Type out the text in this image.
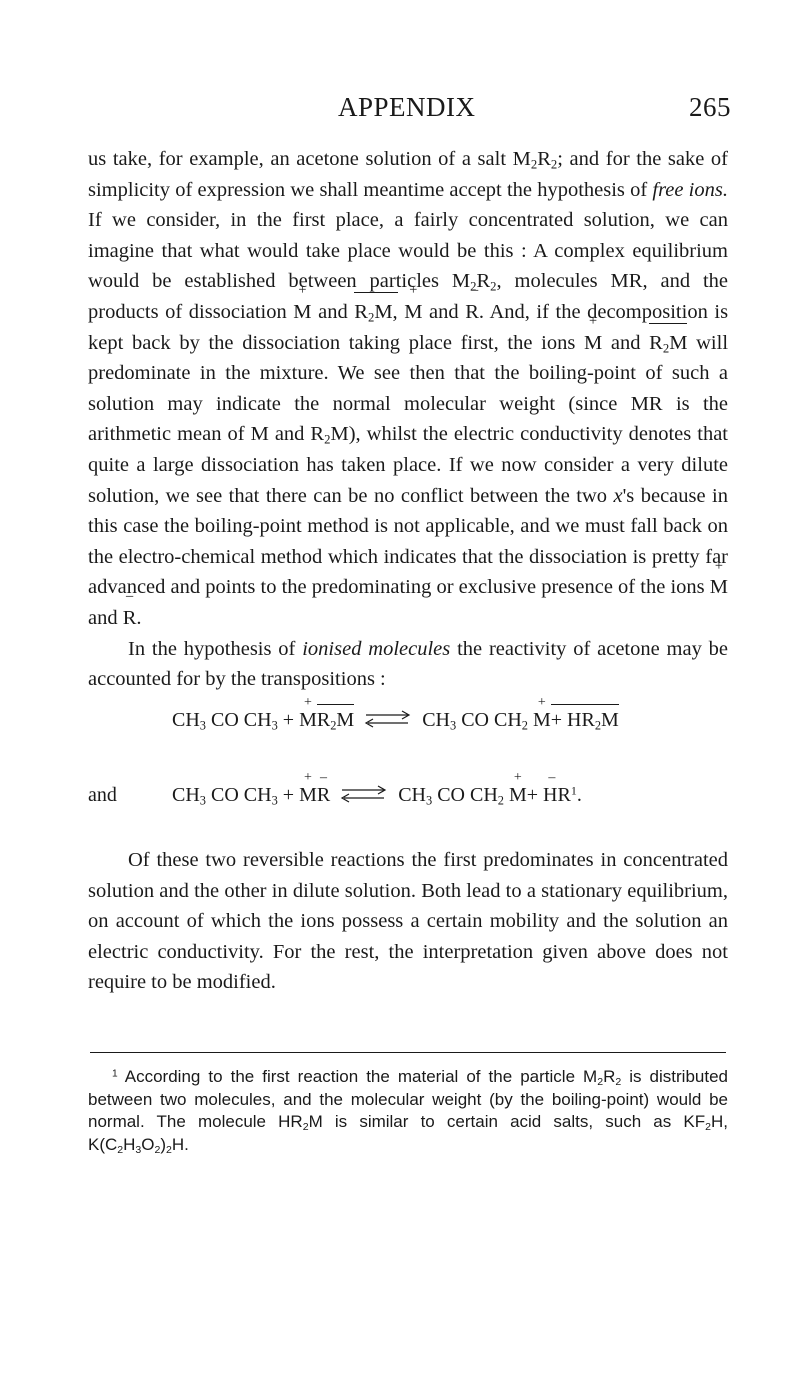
APPENDIX	265

us take, for example, an acetone solution of a salt $M_2R_2$; and for the sake of simplicity of expression we shall meantime accept the hypothesis of free ions. If we consider, in the first place, a fairly concentrated solution, we can imagine that what would take place would be this : A complex equilibrium would be established between particles $M_2R_2$, molecules MR, and the products of dissociation + M and $R_2M$, + M and – R. And, if the decomposition is kept back by the dissociation taking place first, the ions + M and $R_2M$ will predominate in the mixture. We see then that the boiling-point of such a solution may indicate the normal molecular weight (since MR is the arithmetic mean of M and $R_2M$), whilst the electric conductivity denotes that quite a large dissociation has taken place. If we now consider a very dilute solution, we see that there can be no conflict between the two x's because in this case the boiling-point method is not applicable, and we must fall back on the electro-chemical method which indicates that the dissociation is pretty far advanced and points to the predominating or exclusive presence of the ions + M and – R.

In the hypothesis of ionised molecules the reactivity of acetone may be accounted for by the transpositions :

$CH_3$ CO $CH_3$ + + $MR_2M$ ⇌ $CH_3$ CO $CH_2 + M+ HR_2M$
and	$CH_3$ CO $CH_3$ + + M– R ⇌ $CH_3$ CO $CH_2 + M- + HR^1$.

Of these two reversible reactions the first predominates in concentrated solution and the other in dilute solution. Both lead to a stationary equilibrium, on account of which the ions possess a certain mobility and the solution an electric conductivity. For the rest, the interpretation given above does not require to be modified.

$^1$ According to the first reaction the material of the particle $M_2R_2$ is distributed between two molecules, and the molecular weight (by the boiling-point) would be normal. The molecule $HR_2M$ is similar to certain acid salts, such as $KF_2H$, $K(C_2H_3O_2)_2H$.
